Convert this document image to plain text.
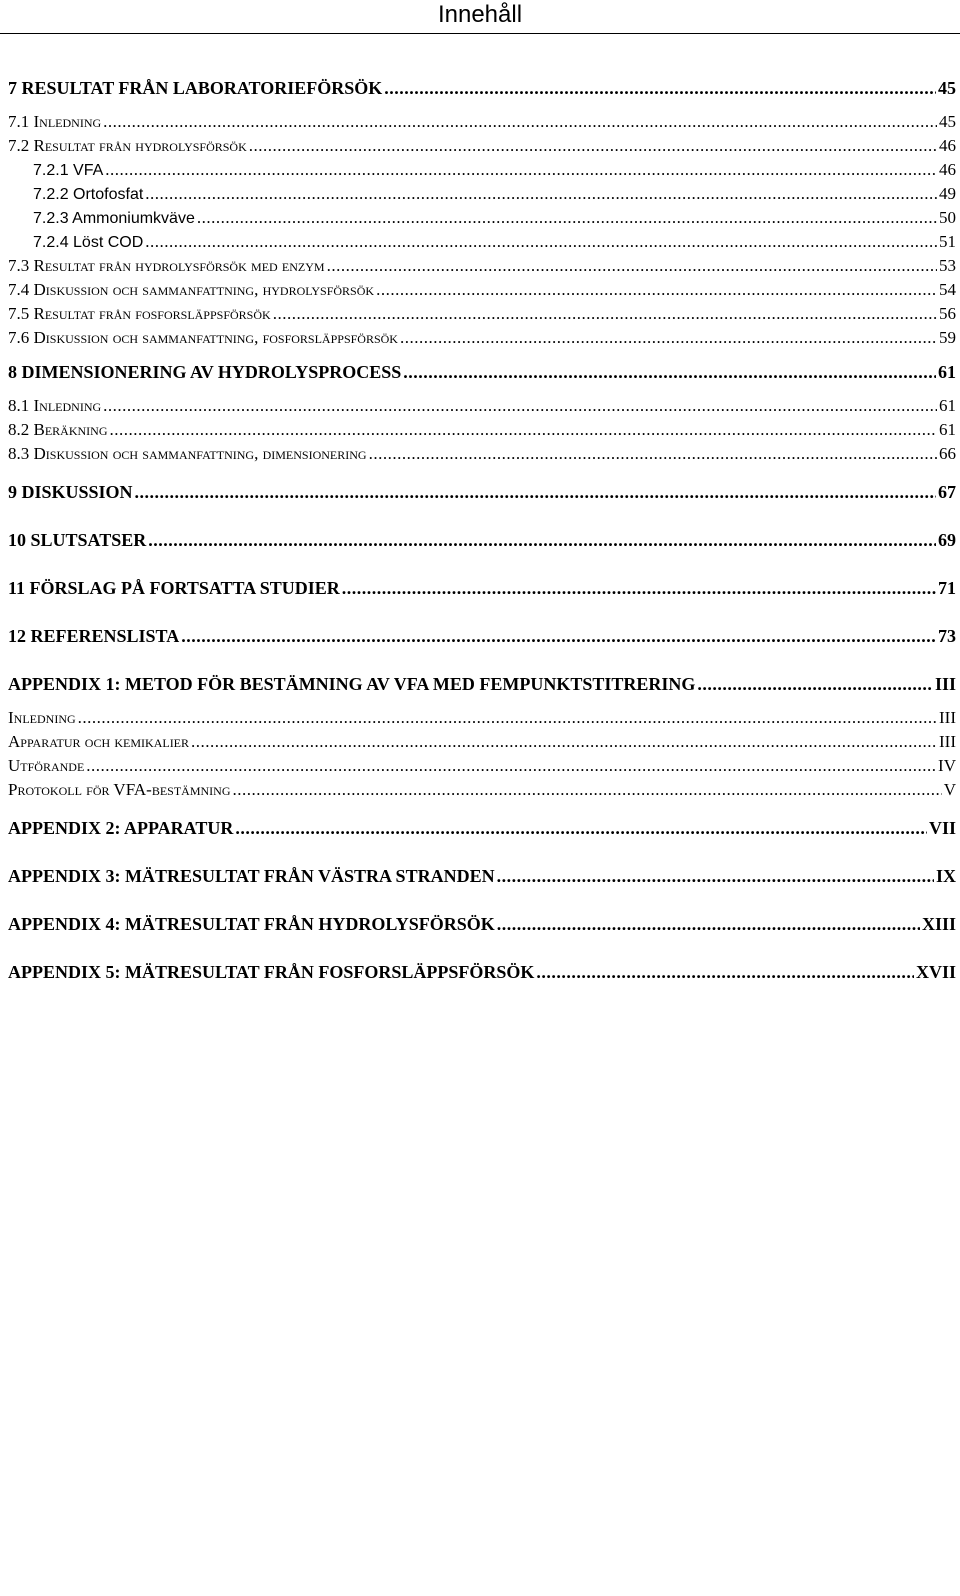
Innehåll
7 RESULTAT FRÅN LABORATORIEFÖRSÖK .....	45
7.1 Inledning .....	45
7.2 Resultat från hydrolysförsök .....	46
7.2.1 VFA .....	46
7.2.2 Ortofosfat .....	49
7.2.3 Ammoniumkväve .....	50
7.2.4 Löst COD .....	51
7.3 Resultat från hydrolysförsök med enzym .....	53
7.4 Diskussion och sammanfattning, hydrolysförsök .....	54
7.5 Resultat från fosforsläppsförsök .....	56
7.6 Diskussion och sammanfattning, fosforsläppsförsök .....	59
8 DIMENSIONERING AV HYDROLYSPROCESS .....	61
8.1 Inledning .....	61
8.2 Beräkning .....	61
8.3 Diskussion och sammanfattning, dimensionering .....	66
9 DISKUSSION .....	67
10 SLUTSATSER .....	69
11 FÖRSLAG PÅ FORTSATTA STUDIER .....	71
12 REFERENSLISTA .....	73
APPENDIX 1: METOD FÖR BESTÄMNING AV VFA MED FEMPUNKTSTITRERING .....	III
Inledning .....	III
Apparatur och kemikalier .....	III
Utförande .....	IV
Protokoll för VFA-bestämning .....	V
APPENDIX 2: APPARATUR .....	VII
APPENDIX 3: MÄTRESULTAT FRÅN VÄSTRA STRANDEN .....	IX
APPENDIX 4: MÄTRESULTAT FRÅN HYDROLYSFÖRSÖK .....	XIII
APPENDIX 5: MÄTRESULTAT FRÅN FOSFORSLÄPPSFÖRSÖK .....	XVII
